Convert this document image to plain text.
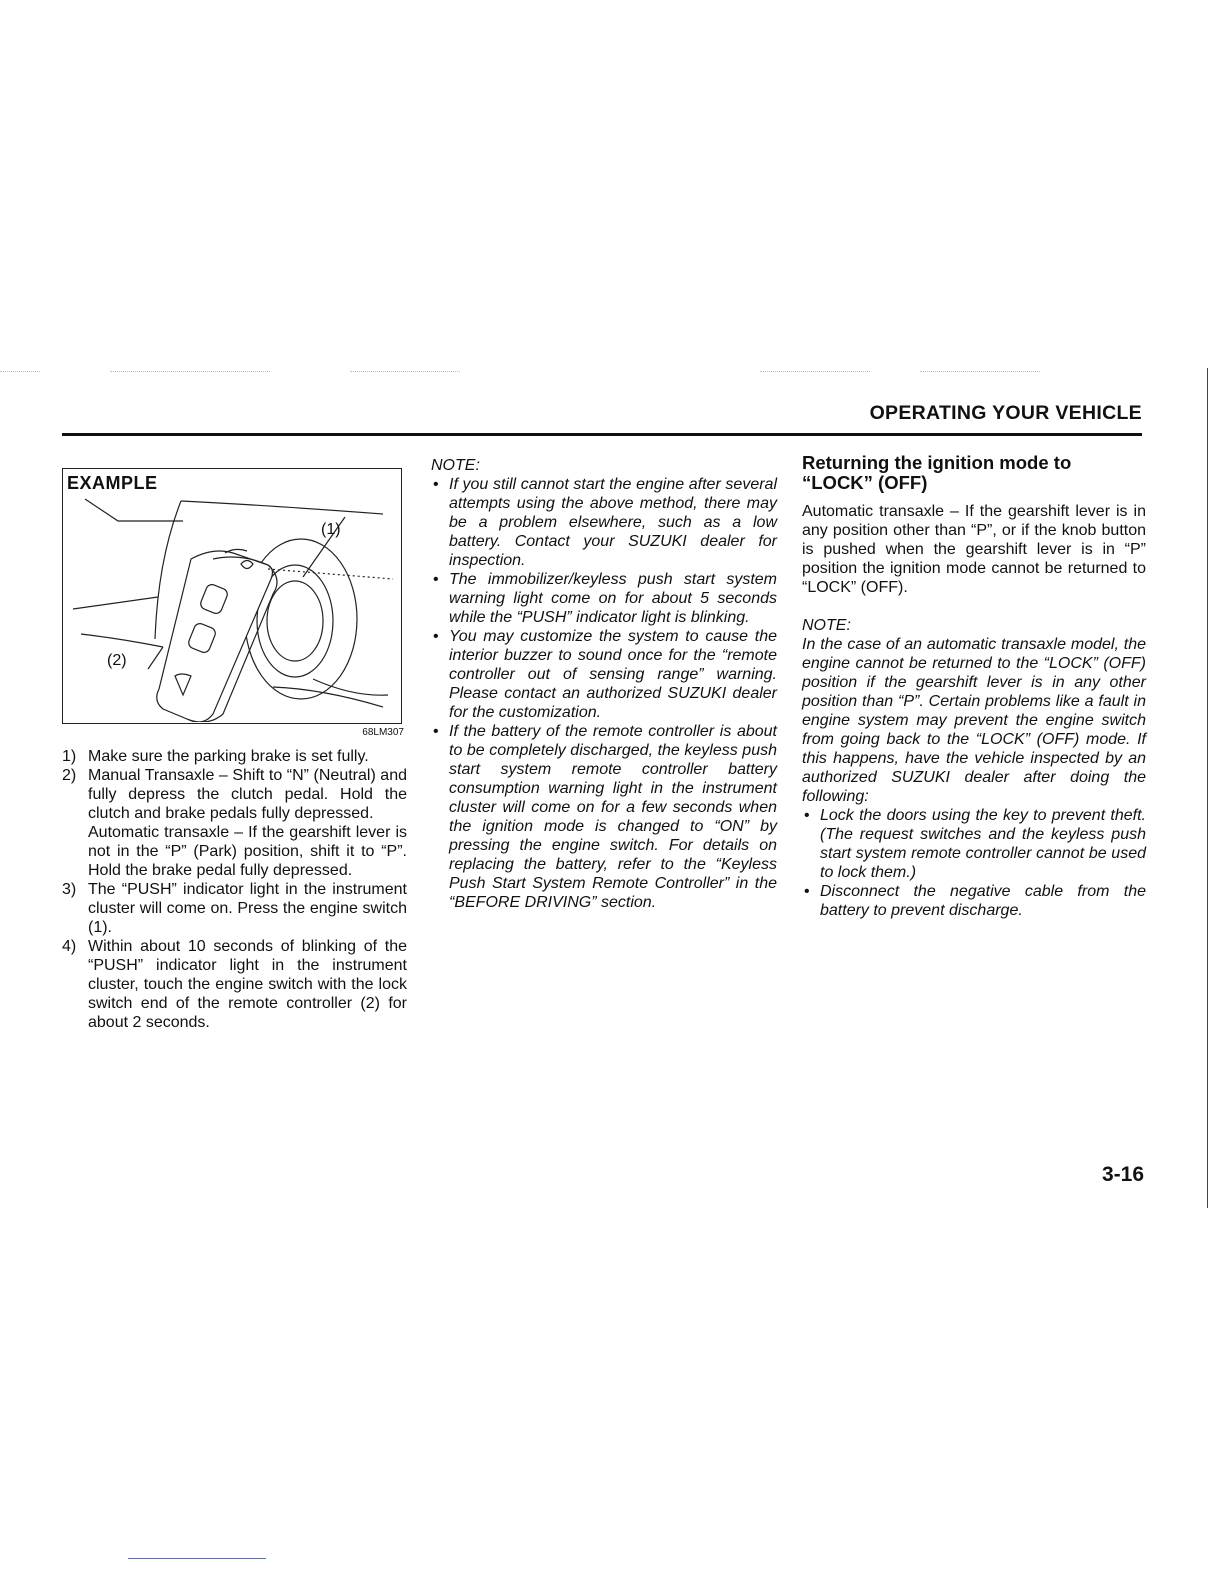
OPERATING YOUR VEHICLE
EXAMPLE
(1)
(2)
68LM307
1) Make sure the parking brake is set fully.
2) Manual Transaxle – Shift to “N” (Neutral) and fully depress the clutch pedal. Hold the clutch and brake pedals fully depressed.
Automatic transaxle – If the gearshift lever is not in the “P” (Park) position, shift it to “P”. Hold the brake pedal fully depressed.
3) The “PUSH” indicator light in the instrument cluster will come on. Press the engine switch (1).
4) Within about 10 seconds of blinking of the “PUSH” indicator light in the instrument cluster, touch the engine switch with the lock switch end of the remote controller (2) for about 2 seconds.
NOTE:
• If you still cannot start the engine after several attempts using the above method, there may be a problem elsewhere, such as a low battery. Contact your SUZUKI dealer for inspection.
• The immobilizer/keyless push start system warning light come on for about 5 seconds while the “PUSH” indicator light is blinking.
• You may customize the system to cause the interior buzzer to sound once for the “remote controller out of sensing range” warning. Please contact an authorized SUZUKI dealer for the customization.
• If the battery of the remote controller is about to be completely discharged, the keyless push start system remote controller battery consumption warning light in the instrument cluster will come on for a few seconds when the ignition mode is changed to “ON” by pressing the engine switch. For details on replacing the battery, refer to the “Keyless Push Start System Remote Controller” in the “BEFORE DRIVING” section.
Returning the ignition mode to “LOCK” (OFF)

Automatic transaxle – If the gearshift lever is in any position other than “P”, or if the knob button is pushed when the gearshift lever is in “P” position the ignition mode cannot be returned to “LOCK” (OFF).

NOTE:
In the case of an automatic transaxle model, the engine cannot be returned to the “LOCK” (OFF) position if the gearshift lever is in any other position than “P”. Certain problems like a fault in engine system may prevent the engine switch from going back to the “LOCK” (OFF) mode. If this happens, have the vehicle inspected by an authorized SUZUKI dealer after doing the following:
• Lock the doors using the key to prevent theft. (The request switches and the keyless push start system remote controller cannot be used to lock them.)
• Disconnect the negative cable from the battery to prevent discharge.

3-16
